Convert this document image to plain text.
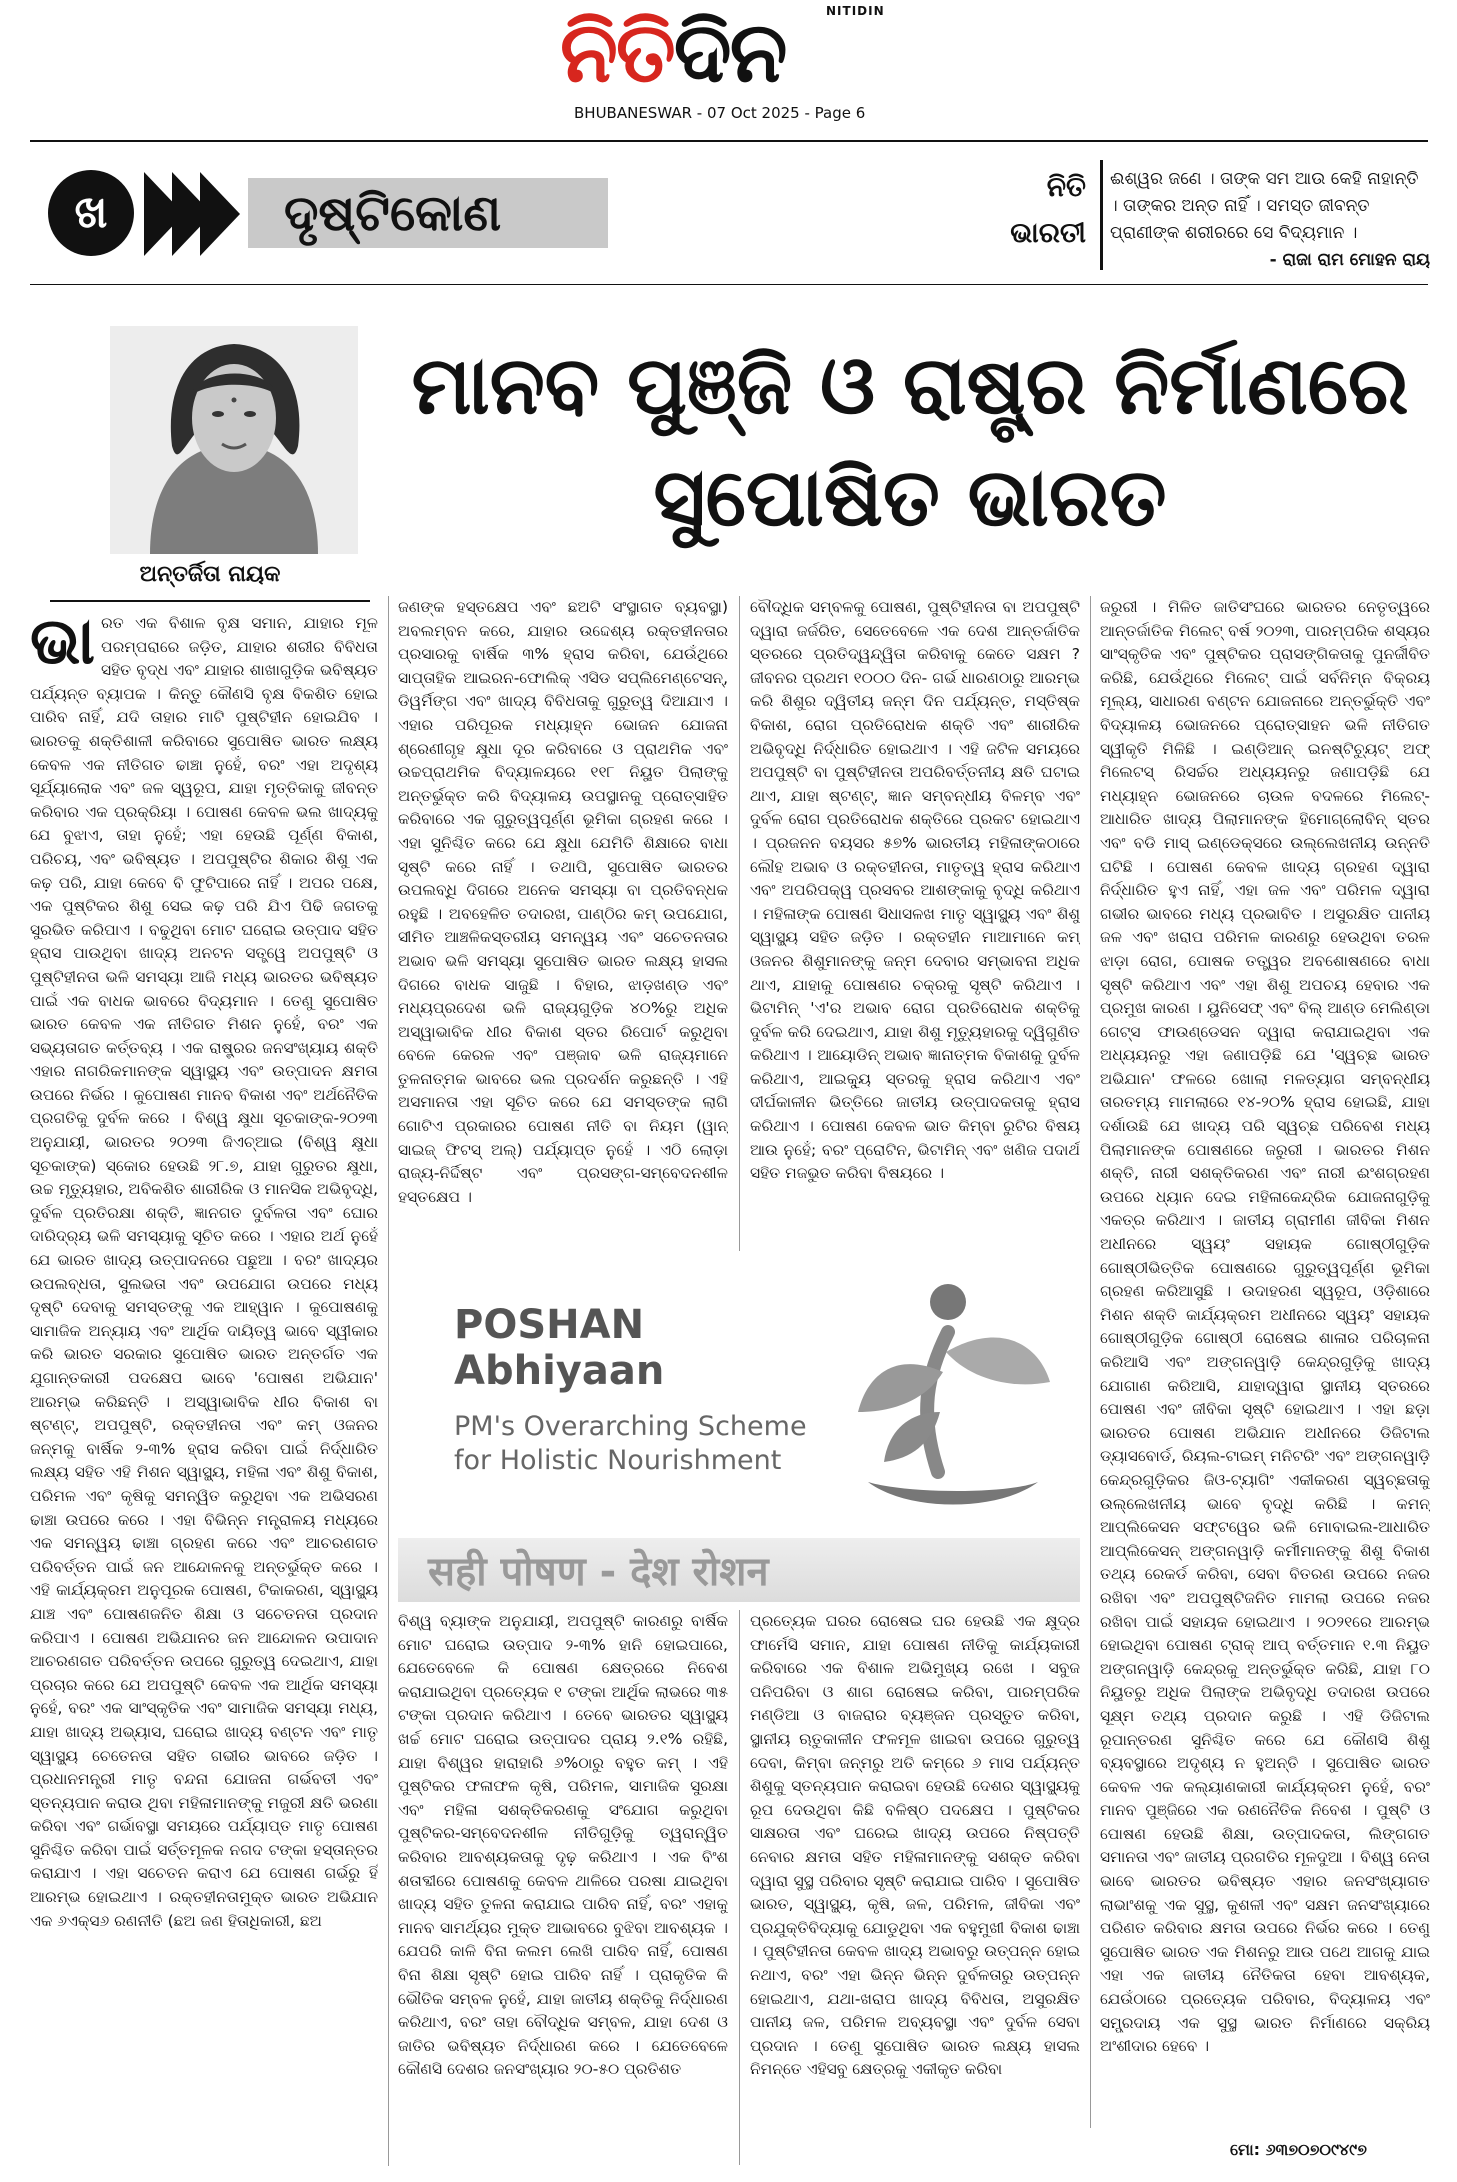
ନିତିଦିନ	NITIDIN
BHUBANESWAR - 07 Oct 2025 - Page 6
ଖ	ଦୃଷ୍ଟିକୋଣ	ନିତି
ଭାରତୀ
ଈଶ୍ୱର ଜଣେ । ତାଙ୍କ ସମ ଆଉ କେହି ନାହାନ୍ତି । ତାଙ୍କର ଅନ୍ତ ନାହିଁ । ସମସ୍ତ ଜୀବନ୍ତ ପ୍ରାଣୀଙ୍କ ଶରୀରରେ ସେ ବିଦ୍ୟମାନ ।
- ରାଜା ରାମ ମୋହନ ରାୟ
ଅନ୍ତର୍ଜିତା ନାୟକ
ମାନବ ପୁଞ୍ଜି ଓ ରାଷ୍ଟ୍ର ନିର୍ମାଣରେ ସୁପୋଷିତ ଭାରତ

ଭାରତ ଏକ ବିଶାଳ ବୃକ୍ଷ ସମାନ, ଯାହାର ମୂଳ ପରମ୍ପରାରେ ଜଡ଼ିତ, ଯାହାର ଶରୀର ବିବିଧତା ସହିତ ବୃଦ୍ଧ ଏବଂ ଯାହାର ଶାଖାଗୁଡ଼ିକ ଭବିଷ୍ୟତ ପର୍ଯ୍ୟନ୍ତ ବ୍ୟାପକ । କିନ୍ତୁ କୌଣସି ବୃକ୍ଷ ବିକଶିତ ହୋଇ ପାରିବ ନାହିଁ, ଯଦି ତାହାର ମାଟି ପୁଷ୍ଟିହୀନ ହୋଇଯିବ । ଭାରତକୁ ଶକ୍ତିଶାଳୀ କରିବାରେ ସୁପୋଷିତ ଭାରତ ଲକ୍ଷ୍ୟ କେବଳ ଏକ ନୀତିଗତ ଢାଞ୍ଚା ନୁହେଁ, ବରଂ ଏହା ଅଦୃଶ୍ୟ ସୂର୍ଯ୍ୟାଲୋକ ଏବଂ ଜଳ ସ୍ୱରୂପ, ଯାହା ମୃତ୍ତିକାକୁ ଜୀବନ୍ତ କରିବାର ଏକ ପ୍ରକ୍ରିୟା । ପୋଷଣ କେବଳ ଭଲ ଖାଦ୍ୟକୁ ଯେ ବୁଝାଏ, ତାହା ନୁହେଁ; ଏହା ହେଉଛି ପୂର୍ଣ୍ଣ ବିକାଶ, ପରିଚୟ, ଏବଂ ଭବିଷ୍ୟତ । ଅପପୁଷ୍ଟିର ଶିକାର ଶିଶୁ ଏକ କଢ଼ ପରି, ଯାହା କେବେ ବି ଫୁଟିପାରେ ନାହିଁ । ଅପର ପକ୍ଷେ, ଏକ ପୁଷ୍ଟିକର ଶିଶୁ ସେଇ କଢ଼ ପରି ଯିଏ ପିଢି ଜଗତକୁ ସୁରଭିତ କରିପାଏ । ବଢୁଥିବା ମୋଟ ଘରୋଇ ଉତ୍ପାଦ ସହିତ ହ୍ରାସ ପାଉଥିବା ଖାଦ୍ୟ ଅନଟନ ସତ୍ତ୍ୱେ ଅପପୁଷ୍ଟି ଓ ପୁଷ୍ଟିହୀନତା ଭଳି ସମସ୍ୟା ଆଜି ମଧ୍ୟ ଭାରତର ଭବିଷ୍ୟତ ପାଇଁ ଏକ ବାଧକ ଭାବରେ ବିଦ୍ୟମାନ । ତେଣୁ ସୁପୋଷିତ ଭାରତ କେବଳ ଏକ ନୀତିଗତ ମିଶନ ନୁହେଁ, ବରଂ ଏକ ସଭ୍ୟତାଗତ କର୍ତ୍ତବ୍ୟ । ଏକ ରାଷ୍ଟ୍ରର ଜନସଂଖ୍ୟାୟ ଶକ୍ତି ଏହାର ନାଗରିକମାନଙ୍କ ସ୍ୱାସ୍ଥ୍ୟ ଏବଂ ଉତ୍ପାଦନ କ୍ଷମତା ଉପରେ ନିର୍ଭର । କୁପୋଷଣ ମାନବ ବିକାଶ ଏବଂ ଅର୍ଥନୈତିକ ପ୍ରଗତିକୁ ଦୁର୍ବଳ କରେ । ବିଶ୍ୱ କ୍ଷୁଧା ସୂଚକାଙ୍କ-୨୦୨୩ ଅନୁଯାୟୀ, ଭାରତର ୨୦୨୩ ଜିଏଚ୍ଆଇ (ବିଶ୍ୱ କ୍ଷୁଧା ସୂଚକାଙ୍କ) ସ୍କୋର ହେଉଛି ୨୮.୭, ଯାହା ଗୁରୁତର କ୍ଷୁଧା, ଉଚ୍ଚ ମୃତ୍ୟୁହାର, ଅବିକଶିତ ଶାରୀରିକ ଓ ମାନସିକ ଅଭିବୃଦ୍ଧି, ଦୁର୍ବଳ ପ୍ରତିରକ୍ଷା ଶକ୍ତି, ଜ୍ଞାନଗତ ଦୁର୍ବଳତା ଏବଂ ଘୋର ଦାରିଦ୍ର୍ୟ ଭଳି ସମସ୍ୟାକୁ ସୂଚିତ କରେ । ଏହାର ଅର୍ଥ ନୁହେଁ ଯେ ଭାରତ ଖାଦ୍ୟ ଉତ୍ପାଦନରେ ପଛୁଆ । ବରଂ ଖାଦ୍ୟର ଉପଲବ୍ଧତା, ସୁଲଭତା ଏବଂ ଉପଯୋଗ ଉପରେ ମଧ୍ୟ ଦୃଷ୍ଟି ଦେବାକୁ ସମସ୍ତଙ୍କୁ ଏକ ଆହ୍ୱାନ । କୁପୋଷଣକୁ ସାମାଜିକ ଅନ୍ୟାୟ ଏବଂ ଆର୍ଥିକ ଦାୟିତ୍ୱ ଭାବେ ସ୍ୱୀକାର କରି ଭାରତ ସରକାର ସୁପୋଷିତ ଭାରତ ଅନ୍ତର୍ଗତ ଏକ ଯୁଗାନ୍ତକାରୀ ପଦକ୍ଷେପ ଭାବେ 'ପୋଷଣ ଅଭିଯାନ' ଆରମ୍ଭ କରିଛନ୍ତି । ଅସ୍ୱାଭାବିକ ଧୀର ବିକାଶ ବା ଷ୍ଟଣ୍ଟ୍, ଅପପୁଷ୍ଟି, ରକ୍ତହୀନତା ଏବଂ କମ୍ ଓଜନର ଜନ୍ମକୁ ବାର୍ଷିକ ୨-୩% ହ୍ରାସ କରିବା ପାଇଁ ନିର୍ଦ୍ଧାରିତ ଲକ୍ଷ୍ୟ ସହିତ ଏହି ମିଶନ ସ୍ୱାସ୍ଥ୍ୟ, ମହିଳା ଏବଂ ଶିଶୁ ବିକାଶ, ପରିମଳ ଏବଂ କୃଷିକୁ ସମନ୍ୱିତ କରୁଥିବା ଏକ ଅଭିସରଣ ଢାଞ୍ଚା ଉପରେ କରେ । ଏହା ବିଭିନ୍ନ ମନ୍ତ୍ରାଳୟ ମଧ୍ୟରେ ଏକ ସମନ୍ୱୟ ଢାଞ୍ଚା ଗ୍ରହଣ କରେ ଏବଂ ଆଚରଣଗତ ପରିବର୍ତ୍ତନ ପାଇଁ ଜନ ଆନ୍ଦୋଳନକୁ ଅନ୍ତର୍ଭୁକ୍ତ କରେ । ଏହି କାର୍ଯ୍ୟକ୍ରମ ଅନୁପୂରକ ପୋଷଣ, ଟିକାକରଣ, ସ୍ୱାସ୍ଥ୍ୟ ଯାଞ୍ଚ ଏବଂ ପୋଷଣଜନିତ ଶିକ୍ଷା ଓ ସଚେତନତା ପ୍ରଦାନ କରିପାଏ । ପୋଷଣ ଅଭିଯାନର ଜନ ଆନ୍ଦୋଳନ ଉପାଦାନ ଆଚରଣଗତ ପରିବର୍ତ୍ତନ ଉପରେ ଗୁରୁତ୍ୱ ଦେଇଥାଏ, ଯାହା ପ୍ରଚାର କରେ ଯେ ଅପପୁଷ୍ଟି କେବଳ ଏକ ଆର୍ଥିକ ସମସ୍ୟା ନୁହେଁ, ବରଂ ଏକ ସାଂସ୍କୃତିକ ଏବଂ ସାମାଜିକ ସମସ୍ୟା ମଧ୍ୟ, ଯାହା ଖାଦ୍ୟ ଅଭ୍ୟାସ, ଘରୋଇ ଖାଦ୍ୟ ବଣ୍ଟନ ଏବଂ ମାତୃ ସ୍ୱାସ୍ଥ୍ୟ ଚେତେନତା ସହିତ ଗଭୀର ଭାବରେ ଜଡ଼ିତ । ପ୍ରଧାନମନ୍ତ୍ରୀ ମାତୃ ବନ୍ଦନା ଯୋଜନା ଗର୍ଭବତୀ ଏବଂ ସ୍ତନ୍ୟପାନ କରାଉ ଥିବା ମହିଳାମାନଙ୍କୁ ମଜୁରୀ କ୍ଷତି ଭରଣା କରିବା ଏବଂ ଗର୍ଭାବସ୍ଥା ସମୟରେ ପର୍ଯ୍ୟାପ୍ତ ମାତୃ ପୋଷଣ ସୁନିଶ୍ଚିତ କରିବା ପାଇଁ ସର୍ତ୍ତମୂଳକ ନଗଦ ଟଙ୍କା ହସ୍ତାନ୍ତର କରାଯାଏ । ଏହା ସଚେତନ କରାଏ ଯେ ପୋଷଣ ଗର୍ଭରୁ ହିଁ ଆରମ୍ଭ ହୋଇଥାଏ । ରକ୍ତହୀନତାମୁକ୍ତ ଭାରତ ଅଭିଯାନ ଏକ ୬ଏକ୍ସ୬ ରଣନୀତି (ଛଅ ଜଣ ହିତାଧିକାରୀ, ଛଅ

ଜଣଙ୍କ ହସ୍ତକ୍ଷେପ ଏବଂ ଛଅଟି ସଂସ୍ଥାଗତ ବ୍ୟବସ୍ଥା) ଅବଲମ୍ବନ କରେ, ଯାହାର ଉଦ୍ଦେଶ୍ୟ ରକ୍ତହୀନତାର ପ୍ରସାରକୁ ବାର୍ଷିକ ୩% ହ୍ରାସ କରିବା, ଯେଉଁଥିରେ ସାପ୍ତାହିକ ଆଇରନ-ଫୋଲିକ୍ ଏସିଡ ସପ୍ଲିମେଣ୍ଟେସନ୍, ଡିୱର୍ମିଙ୍ଗ ଏବଂ ଖାଦ୍ୟ ବିବିଧତାକୁ ଗୁରୁତ୍ୱ ଦିଆଯାଏ । ଏହାର ପରିପୂରକ ମଧ୍ୟାହ୍ନ ଭୋଜନ ଯୋଜନା ଶ୍ରେଣୀଗୃହ କ୍ଷୁଧା ଦୂର କରିବାରେ ଓ ପ୍ରାଥମିକ ଏବଂ ଉଚ୍ଚପ୍ରାଥମିକ ବିଦ୍ୟାଳୟରେ ୧୧୮ ନିୟୁତ ପିଲାଙ୍କୁ ଅନ୍ତର୍ଭୁକ୍ତ କରି ବିଦ୍ୟାଳୟ ଉପସ୍ଥାନକୁ ପ୍ରୋତ୍ସାହିତ କରିବାରେ ଏକ ଗୁରୁତ୍ୱପୂର୍ଣ୍ଣ ଭୂମିକା ଗ୍ରହଣ କରେ । ଏହା ସୁନିଶ୍ଚିତ କରେ ଯେ କ୍ଷୁଧା ଯେମିତି ଶିକ୍ଷାରେ ବାଧା ସୃଷ୍ଟି କରେ ନାହିଁ । ତଥାପି, ସୁପୋଷିତ ଭାରତର ଉପଲବ୍ଧି ଦିଗରେ ଅନେକ ସମସ୍ୟା ବା ପ୍ରତିବନ୍ଧକ ରହୁଛି । ଅବହେଳିତ ତଦାରଖ, ପାଣ୍ଠିର କମ୍ ଉପଯୋଗ, ସୀମିତ ଆଞ୍ଚଳିକସ୍ତରୀୟ ସମନ୍ୱୟ ଏବଂ ସଚେତନତାର ଅଭାବ ଭଳି ସମସ୍ୟା ସୁପୋଷିତ ଭାରତ ଲକ୍ଷ୍ୟ ହାସଲ ଦିଗରେ ବାଧକ ସାଜୁଛି । ବିହାର, ଝାଡ଼ଖଣ୍ଡ ଏବଂ ମଧ୍ୟପ୍ରଦେଶ ଭଳି ରାଜ୍ୟଗୁଡ଼ିକ ୪୦%ରୁ ଅଧିକ ଅସ୍ୱାଭାବିକ ଧୀର ବିକାଶ ସ୍ତର ରିପୋର୍ଟ କରୁଥିବା ବେଳେ କେରଳ ଏବଂ ପଞ୍ଜାବ ଭଳି ରାଜ୍ୟମାନେ ତୁଳନାତ୍ମକ ଭାବରେ ଭଲ ପ୍ରଦର୍ଶନ କରୁଛନ୍ତି । ଏହି ଅସମାନତା ଏହା ସୂଚିତ କରେ ଯେ ସମସ୍ତଙ୍କ ଲାଗି ଗୋଟିଏ ପ୍ରକାରର ପୋଷଣ ନୀତି ବା ନିୟମ (ୱାନ୍ ସାଇଜ୍ ଫିଟସ୍ ଅଲ୍) ପର୍ଯ୍ୟାପ୍ତ ନୁହେଁ । ଏଠି ଲୋଡ଼ା ରାଜ୍ୟ-ନିର୍ଦ୍ଦିଷ୍ଟ ଏବଂ ପ୍ରସଙ୍ଗ-ସମ୍ବେଦନଶୀଳ ହସ୍ତକ୍ଷେପ ।

ବୌଦ୍ଧିକ ସମ୍ବଳକୁ ପୋଷଣ, ପୁଷ୍ଟିହୀନତା ବା ଅପପୁଷ୍ଟି ଦ୍ୱାରା ଜର୍ଜରିତ, ସେତେବେଳେ ଏକ ଦେଶ ଆନ୍ତର୍ଜାତିକ ସ୍ତରରେ ପ୍ରତିଦ୍ୱନ୍ଦ୍ୱିତା କରିବାକୁ କେତେ ସକ୍ଷମ ? ଜୀବନର ପ୍ରଥମ ୧୦୦୦ ଦିନ- ଗର୍ଭ ଧାରଣଠାରୁ ଆରମ୍ଭ କରି ଶିଶୁର ଦ୍ୱିତୀୟ ଜନ୍ମ ଦିନ ପର୍ଯ୍ୟନ୍ତ, ମସ୍ତିଷ୍କ ବିକାଶ, ରୋଗ ପ୍ରତିରୋଧକ ଶକ୍ତି ଏବଂ ଶାରୀରିକ ଅଭିବୃଦ୍ଧି ନିର୍ଦ୍ଧାରିତ ହୋଇଥାଏ । ଏହି ଜଟିଳ ସମୟରେ ଅପପୁଷ୍ଟି ବା ପୁଷ୍ଟିହୀନତା ଅପରିବର୍ତ୍ତନୀୟ କ୍ଷତି ଘଟାଇ ଥାଏ, ଯାହା ଷ୍ଟଣ୍ଟ୍, ଜ୍ଞାନ ସମ୍ବନ୍ଧୀୟ ବିଳମ୍ବ ଏବଂ ଦୁର୍ବଳ ରୋଗ ପ୍ରତିରୋଧକ ଶକ୍ତିରେ ପ୍ରକଟ ହୋଇଥାଏ । ପ୍ରଜନନ ବୟସର ୫୭% ଭାରତୀୟ ମହିଳାଙ୍କଠାରେ ଲୌହ ଅଭାବ ଓ ରକ୍ତହୀନତା, ମାତୃତ୍ୱ ହ୍ରାସ କରିଥାଏ ଏବଂ ଅପରିପକ୍ୱ ପ୍ରସବର ଆଶଙ୍କାକୁ ବୃଦ୍ଧି କରିଥାଏ । ମହିଳାଙ୍କ ପୋଷଣ ସିଧାସଳଖ ମାତୃ ସ୍ୱାସ୍ଥ୍ୟ ଏବଂ ଶିଶୁ ସ୍ୱାସ୍ଥ୍ୟ ସହିତ ଜଡ଼ିତ । ରକ୍ତହୀନ ମାଆମାନେ କମ୍ ଓଜନର ଶିଶୁମାନଙ୍କୁ ଜନ୍ମ ଦେବାର ସମ୍ଭାବନା ଅଧିକ ଥାଏ, ଯାହାକୁ ପୋଷଣର ଚକ୍ରକୁ ସୃଷ୍ଟି କରିଥାଏ । ଭିଟାମିନ୍ 'ଏ'ର ଅଭାବ ରୋଗ ପ୍ରତିରୋଧକ ଶକ୍ତିକୁ ଦୁର୍ବଳ କରି ଦେଇଥାଏ, ଯାହା ଶିଶୁ ମୃତ୍ୟୁହାରକୁ ଦ୍ୱିଗୁଣିତ କରିଥାଏ । ଆୟୋଡିନ୍ ଅଭାବ ଜ୍ଞାନାତ୍ମକ ବିକାଶକୁ ଦୁର୍ବଳ କରିଥାଏ, ଆଇକ୍ୟୁ ସ୍ତରକୁ ହ୍ରାସ କରିଥାଏ ଏବଂ ଦୀର୍ଘକାଳୀନ ଭିତ୍ତିରେ ଜାତୀୟ ଉତ୍ପାଦକତାକୁ ହ୍ରାସ କରିଥାଏ । ପୋଷଣ କେବଳ ଭାତ କିମ୍ବା ରୁଟିର ବିଷୟ ଆଉ ନୁହେଁ; ବରଂ ପ୍ରୋଟିନ, ଭିଟାମିନ୍ ଏବଂ ଖଣିଜ ପଦାର୍ଥ ସହିତ ମଜଭୁତ କରିବା ବିଷୟରେ ।

ଜରୁରୀ । ମିଳିତ ଜାତିସଂଘରେ ଭାରତର ନେତୃତ୍ୱରେ ଆନ୍ତର୍ଜାତିକ ମିଲେଟ୍ ବର୍ଷ ୨୦୨୩, ପାରମ୍ପରିକ ଶସ୍ୟର ସାଂସ୍କୃତିକ ଏବଂ ପୁଷ୍ଟିକର ପ୍ରାସଙ୍ଗିକତାକୁ ପୁନର୍ଜୀବିତ କରିଛି, ଯେଉଁଥିରେ ମିଲେଟ୍ ପାଇଁ ସର୍ବନିମ୍ନ ବିକ୍ରୟ ମୂଲ୍ୟ, ସାଧାରଣ ବଣ୍ଟନ ଯୋଜନାରେ ଅନ୍ତର୍ଭୁକ୍ତି ଏବଂ ବିଦ୍ୟାଳୟ ଭୋଜନରେ ପ୍ରୋତ୍ସାହନ ଭଳି ନୀତିଗତ ସ୍ୱୀକୃତି ମିଳିଛି । ଇଣ୍ଡିଆନ୍ ଇନଷ୍ଟିଚ୍ୟୁଟ୍ ଅଫ୍ ମିଲେଟସ୍ ରିସର୍ଚ୍ଚର ଅଧ୍ୟୟନରୁ ଜଣାପଡ଼ିଛି ଯେ ମଧ୍ୟାହ୍ନ ଭୋଜନରେ ଚାଉଳ ବଦଳରେ ମିଲେଟ୍-ଆଧାରିତ ଖାଦ୍ୟ ପିଲାମାନଙ୍କ ହିମୋଗ୍ଲୋବିନ୍ ସ୍ତର ଏବଂ ବଡି ମାସ୍ ଇଣ୍ଡେକ୍ସରେ ଉଲ୍ଲେଖନୀୟ ଉନ୍ନତି ଘଟିଛି । ପୋଷଣ କେବଳ ଖାଦ୍ୟ ଗ୍ରହଣ ଦ୍ୱାରା ନିର୍ଦ୍ଧାରିତ ହୁଏ ନାହିଁ, ଏହା ଜଳ ଏବଂ ପରିମଳ ଦ୍ୱାରା ଗଭୀର ଭାବରେ ମଧ୍ୟ ପ୍ରଭାବିତ । ଅସୁରକ୍ଷିତ ପାନୀୟ ଜଳ ଏବଂ ଖରାପ ପରିମଳ କାରଣରୁ ହେଉଥିବା ତରଳ ଝାଡ଼ା ରୋଗ, ପୋଷକ ତତ୍ତ୍ୱର ଅବଶୋଷଣରେ ବାଧା ସୃଷ୍ଟି କରିଥାଏ ଏବଂ ଏହା ଶିଶୁ ଅପଚୟ ହେବାର ଏକ ପ୍ରମୁଖ କାରଣ । ୟୁନିସେଫ୍ ଏବଂ ବିଲ୍ ଆଣ୍ଡ ମେଲିଣ୍ଡା ଗେଟ୍ସ ଫାଉଣ୍ଡେସନ ଦ୍ୱାରା କରାଯାଇଥିବା ଏକ ଅଧ୍ୟୟନରୁ ଏହା ଜଣାପଡ଼ିଛି ଯେ 'ସ୍ୱଚ୍ଛ ଭାରତ ଅଭିଯାନ' ଫଳରେ ଖୋଲା ମଳତ୍ୟାଗ ସମ୍ବନ୍ଧୀୟ ତାରତମ୍ୟ ମାମଲାରେ ୧୪-୨୦% ହ୍ରାସ ହୋଇଛି, ଯାହା ଦର୍ଶାଉଛି ଯେ ଖାଦ୍ୟ ପରି ସ୍ୱଚ୍ଛ ପରିବେଶ ମଧ୍ୟ ପିଲାମାନଙ୍କ ପୋଷଣରେ ଜରୁରୀ । ଭାରତର ମିଶନ ଶକ୍ତି, ନାରୀ ସଶକ୍ତିକରଣ ଏବଂ ନାରୀ ଈଂଶଗ୍ରହଣ ଉପରେ ଧ୍ୟାନ ଦେଇ ମହିଳାକେନ୍ଦ୍ରିକ ଯୋଜନାଗୁଡ଼ିକୁ ଏକତ୍ର କରିଥାଏ । ଜାତୀୟ ଗ୍ରାମୀଣ ଜୀବିକା ମିଶନ ଅଧୀନରେ ସ୍ୱୟଂ ସହାୟକ ଗୋଷ୍ଠୀଗୁଡ଼ିକ ଗୋଷ୍ଠୀଭିତ୍ତିକ ପୋଷଣରେ ଗୁରୁତ୍ୱପୂର୍ଣ୍ଣ ଭୂମିକା ଗ୍ରହଣ କରିଆସୁଛି । ଉଦାହରଣ ସ୍ୱରୂପ, ଓଡ଼ିଶାରେ ମିଶନ ଶକ୍ତି କାର୍ଯ୍ୟକ୍ରମ ଅଧୀନରେ ସ୍ୱୟଂ ସହାୟକ ଗୋଷ୍ଠୀଗୁଡ଼ିକ ଗୋଷ୍ଠୀ ରୋଷେଇ ଶାଳାର ପରିଚାଳନା କରିଆସି ଏବଂ ଅଙ୍ଗନୱାଡ଼ି କେନ୍ଦ୍ରଗୁଡ଼ିକୁ ଖାଦ୍ୟ ଯୋଗାଣ କରିଆସି, ଯାହାଦ୍ୱାରା ସ୍ଥାନୀୟ ସ୍ତରରେ ପୋଷଣ ଏବଂ ଜୀବିକା ସୃଷ୍ଟି ହୋଇଥାଏ । ଏହା ଛଡ଼ା ଭାରତର ପୋଷଣ ଅଭିଯାନ ଅଧୀନରେ ଡିଜିଟାଲ ଡ୍ୟାସବୋର୍ଡ, ରିୟଲ-ଟାଇମ୍ ମନିଟରିଂ ଏବଂ ଅଙ୍ଗନୱାଡ଼ି କେନ୍ଦ୍ରଗୁଡ଼ିକର ଜିଓ-ଟ୍ୟାଗିଂ ଏକୀକରଣ ସ୍ୱଚ୍ଛତାକୁ ଉଲ୍ଲେଖନୀୟ ଭାବେ ବୃଦ୍ଧି କରିଛି । କମନ୍ ଆପ୍ଲିକେସନ ସଫ୍ଟୱେର ଭଳି ମୋବାଇଲ-ଆଧାରିତ ଆପ୍ଲିକେସନ୍ ଅଙ୍ଗନୱାଡ଼ି କର୍ମୀମାନଙ୍କୁ ଶିଶୁ ବିକାଶ ତଥ୍ୟ ରେକର୍ଡ କରିବା, ସେବା ବିତରଣ ଉପରେ ନଜର ରଖିବା ଏବଂ ଅପପୁଷ୍ଟିଜନିତ ମାମଲା ଉପରେ ନଜର ରଖିବା ପାଇଁ ସହାୟକ ହୋଇଥାଏ । ୨୦୨୧ରେ ଆରମ୍ଭ ହୋଇଥିବା ପୋଷଣ ଟ୍ରାକ୍ ଆପ୍ ବର୍ତ୍ତମାନ ୧.୩ ନିୟୁତ ଅଙ୍ଗନୱାଡ଼ି କେନ୍ଦ୍ରକୁ ଅନ୍ତର୍ଭୁକ୍ତ କରିଛି, ଯାହା ୮୦ ନିୟୁତରୁ ଅଧିକ ପିଲାଙ୍କ ଅଭିବୃଦ୍ଧି ତଦାରଖ ଉପରେ ସୂକ୍ଷ୍ମ ତଥ୍ୟ ପ୍ରଦାନ କରୁଛି । ଏହି ଡିଜିଟାଲ ରୂପାନ୍ତରଣ ସୁନିଶ୍ଚିତ କରେ ଯେ କୌଣସି ଶିଶୁ ବ୍ୟବସ୍ଥାରେ ଅଦୃଶ୍ୟ ନ ହୁଅନ୍ତି । ସୁପୋଷିତ ଭାରତ କେବଳ ଏକ କଲ୍ୟାଣକାରୀ କାର୍ଯ୍ୟକ୍ରମ ନୁହେଁ, ବରଂ ମାନବ ପୁଞ୍ଜିରେ ଏକ ରଣନୈତିକ ନିବେଶ । ପୁଷ୍ଟି ଓ ପୋଷଣ ହେଉଛି ଶିକ୍ଷା, ଉତ୍ପାଦକତା, ଲିଙ୍ଗଗତ ସମାନତା ଏବଂ ଜାତୀୟ ପ୍ରଗତିର ମୂଳଦୁଆ । ବିଶ୍ୱ ନେତା ଭାବେ ଭାରତର ଭବିଷ୍ୟତ ଏହାର ଜନସଂଖ୍ୟାଗତ ଲାଭାଂଶକୁ ଏକ ସୁସ୍ଥ, କୁଶଳୀ ଏବଂ ସକ୍ଷମ ଜନସଂଖ୍ୟାରେ ପରିଣତ କରିବାର କ୍ଷମତା ଉପରେ ନିର୍ଭର କରେ । ତେଣୁ ସୁପୋଷିତ ଭାରତ ଏକ ମିଶନରୁ ଆଉ ପଥେ ଆଗକୁ ଯାଇ ଏହା ଏକ ଜାତୀୟ ନୈତିକତା ହେବା ଆବଶ୍ୟକ, ଯେଉଁଠାରେ ପ୍ରତ୍ୟେକ ପରିବାର, ବିଦ୍ୟାଳୟ ଏବଂ ସମ୍ପ୍ରଦାୟ ଏକ ସୁସ୍ଥ ଭାରତ ନିର୍ମାଣରେ ସକ୍ରିୟ ଅଂଶୀଦାର ହେବେ ।

POSHAN
Abhiyaan
PM's Overarching Scheme for Holistic Nourishment
सही पोषण - देश रोशन

ବିଶ୍ୱ ବ୍ୟାଙ୍କ ଅନୁଯାୟୀ, ଅପପୁଷ୍ଟି କାରଣରୁ ବାର୍ଷିକ ମୋଟ ଘରୋଇ ଉତ୍ପାଦ ୨-୩% ହାନି ହୋଇପାରେ, ଯେତେବେଳେ କି ପୋଷଣ କ୍ଷେତ୍ରରେ ନିବେଶ କରାଯାଇଥିବା ପ୍ରତ୍ୟେକ ୧ ଟଙ୍କା ଆର୍ଥିକ ଲାଭରେ ୩୫ ଟଙ୍କା ପ୍ରଦାନ କରିଥାଏ । ତେବେ ଭାରତର ସ୍ୱାସ୍ଥ୍ୟ ଖର୍ଚ୍ଚ ମୋଟ ଘରୋଇ ଉତ୍ପାଦର ପ୍ରାୟ ୨.୧% ରହିଛି, ଯାହା ବିଶ୍ୱର ହାରାହାରି ୬%ଠାରୁ ବହୁତ କମ୍ । ଏହି ପୁଷ୍ଟିକର ଫଳାଫଳ କୃଷି, ପରିମଳ, ସାମାଜିକ ସୁରକ୍ଷା ଏବଂ ମହିଳା ସଶକ୍ତିକରଣକୁ ସଂଯୋଗ କରୁଥିବା ପୁଷ୍ଟିକର-ସମ୍ବେଦନଶୀଳ ନୀତିଗୁଡ଼ିକୁ ତ୍ୱରାନ୍ୱିତ କରିବାର ଆବଶ୍ୟକତାକୁ ଦୃଢ଼ କରିଥାଏ । ଏକ ବିଂଶ ଶତାବ୍ଦୀରେ ପୋଷଣକୁ କେବଳ ଥାଳିରେ ପରଷା ଯାଇଥିବା ଖାଦ୍ୟ ସହିତ ତୁଳନା କରାଯାଇ ପାରିବ ନାହିଁ, ବରଂ ଏହାକୁ ମାନବ ସାମର୍ଥ୍ୟର ମୁକ୍ତ ଆଭାବରେ ବୁଝିବା ଆବଶ୍ୟକ । ଯେପରି କାଳି ବିନା କଲମ ଲେଖି ପାରିବ ନାହିଁ, ପୋଷଣ ବିନା ଶିକ୍ଷା ସୃଷ୍ଟି ହୋଇ ପାରିବ ନାହିଁ । ପ୍ରାକୃତିକ କି ଭୌତିକ ସମ୍ବଳ ନୁହେଁ, ଯାହା ଜାତୀୟ ଶକ୍ତିକୁ ନିର୍ଦ୍ଧାରଣ କରିଥାଏ, ବରଂ ତାହା ବୌଦ୍ଧିକ ସମ୍ବଳ, ଯାହା ଦେଶ ଓ ଜାତିର ଭବିଷ୍ୟତ ନିର୍ଦ୍ଧାରଣ କରେ । ଯେତେବେଳେ କୌଣସି ଦେଶର ଜନସଂଖ୍ୟାର ୨୦-୫୦ ପ୍ରତିଶତ

ପ୍ରତ୍ୟେକ ଘରର ରୋଷେଇ ଘର ହେଉଛି ଏକ କ୍ଷୁଦ୍ର ଫାର୍ମେସି ସମାନ, ଯାହା ପୋଷଣ ନୀତିକୁ କାର୍ଯ୍ୟକାରୀ କରିବାରେ ଏକ ବିଶାଳ ଅଭିମୁଖ୍ୟ ରଖେ । ସବୁଜ ପନିପରିବା ଓ ଶାଗ ରୋଷେଇ କରିବା, ପାରମ୍ପରିକ ମଣ୍ଡିଆ ଓ ବାଜରାର ବ୍ୟଞ୍ଜନ ପ୍ରସ୍ତୁତ କରିବା, ସ୍ଥାନୀୟ ଋତୁକାଳୀନ ଫଳମୂଳ ଖାଇବା ଉପରେ ଗୁରୁତ୍ୱ ଦେବା, କିମ୍ବା ଜନ୍ମରୁ ଅତି କମ୍‌ରେ ୬ ମାସ ପର୍ଯ୍ୟନ୍ତ ଶିଶୁକୁ ସ୍ତନ୍ୟପାନ କରାଇବା ହେଉଛି ଦେଶର ସ୍ୱାସ୍ଥ୍ୟକୁ ରୂପ ଦେଉଥିବା କିଛି ବଳିଷ୍ଠ ପଦକ୍ଷେପ । ପୁଷ୍ଟିକର ସାକ୍ଷରତା ଏବଂ ଘରେଇ ଖାଦ୍ୟ ଉପରେ ନିଷ୍ପତ୍ତି ନେବାର କ୍ଷମତା ସହିତ ମହିଳାମାନଙ୍କୁ ସଶକ୍ତ କରିବା ଦ୍ୱାରା ସୁସ୍ଥ ପରିବାର ସୃଷ୍ଟି କରାଯାଇ ପାରିବ । ସୁପୋଷିତ ଭାରତ, ସ୍ୱାସ୍ଥ୍ୟ, କୃଷି, ଜଳ, ପରିମଳ, ଜୀବିକା ଏବଂ ପ୍ରଯୁକ୍ତିବିଦ୍ୟାକୁ ଯୋଡୁଥିବା ଏକ ବହୁମୁଖୀ ବିକାଶ ଢାଞ୍ଚା । ପୁଷ୍ଟିହୀନତା କେବଳ ଖାଦ୍ୟ ଅଭାବରୁ ଉତ୍ପନ୍ନ ହୋଇ ନଥାଏ, ବରଂ ଏହା ଭିନ୍ନ ଭିନ୍ନ ଦୁର୍ବଳତାରୁ ଉତ୍ପନ୍ନ ହୋଇଥାଏ, ଯଥା-ଖରାପ ଖାଦ୍ୟ ବିବିଧତା, ଅସୁରକ୍ଷିତ ପାନୀୟ ଜଳ, ପରିମଳ ଅବ୍ୟବସ୍ଥା ଏବଂ ଦୁର୍ବଳ ସେବା ପ୍ରଦାନ । ତେଣୁ ସୁପୋଷିତ ଭାରତ ଲକ୍ଷ୍ୟ ହାସଲ ନିମନ୍ତେ ଏହିସବୁ କ୍ଷେତ୍ରକୁ ଏକୀକୃତ କରିବା

ମୋ: ୬୩୭୦୭୦୯୪୯୭
